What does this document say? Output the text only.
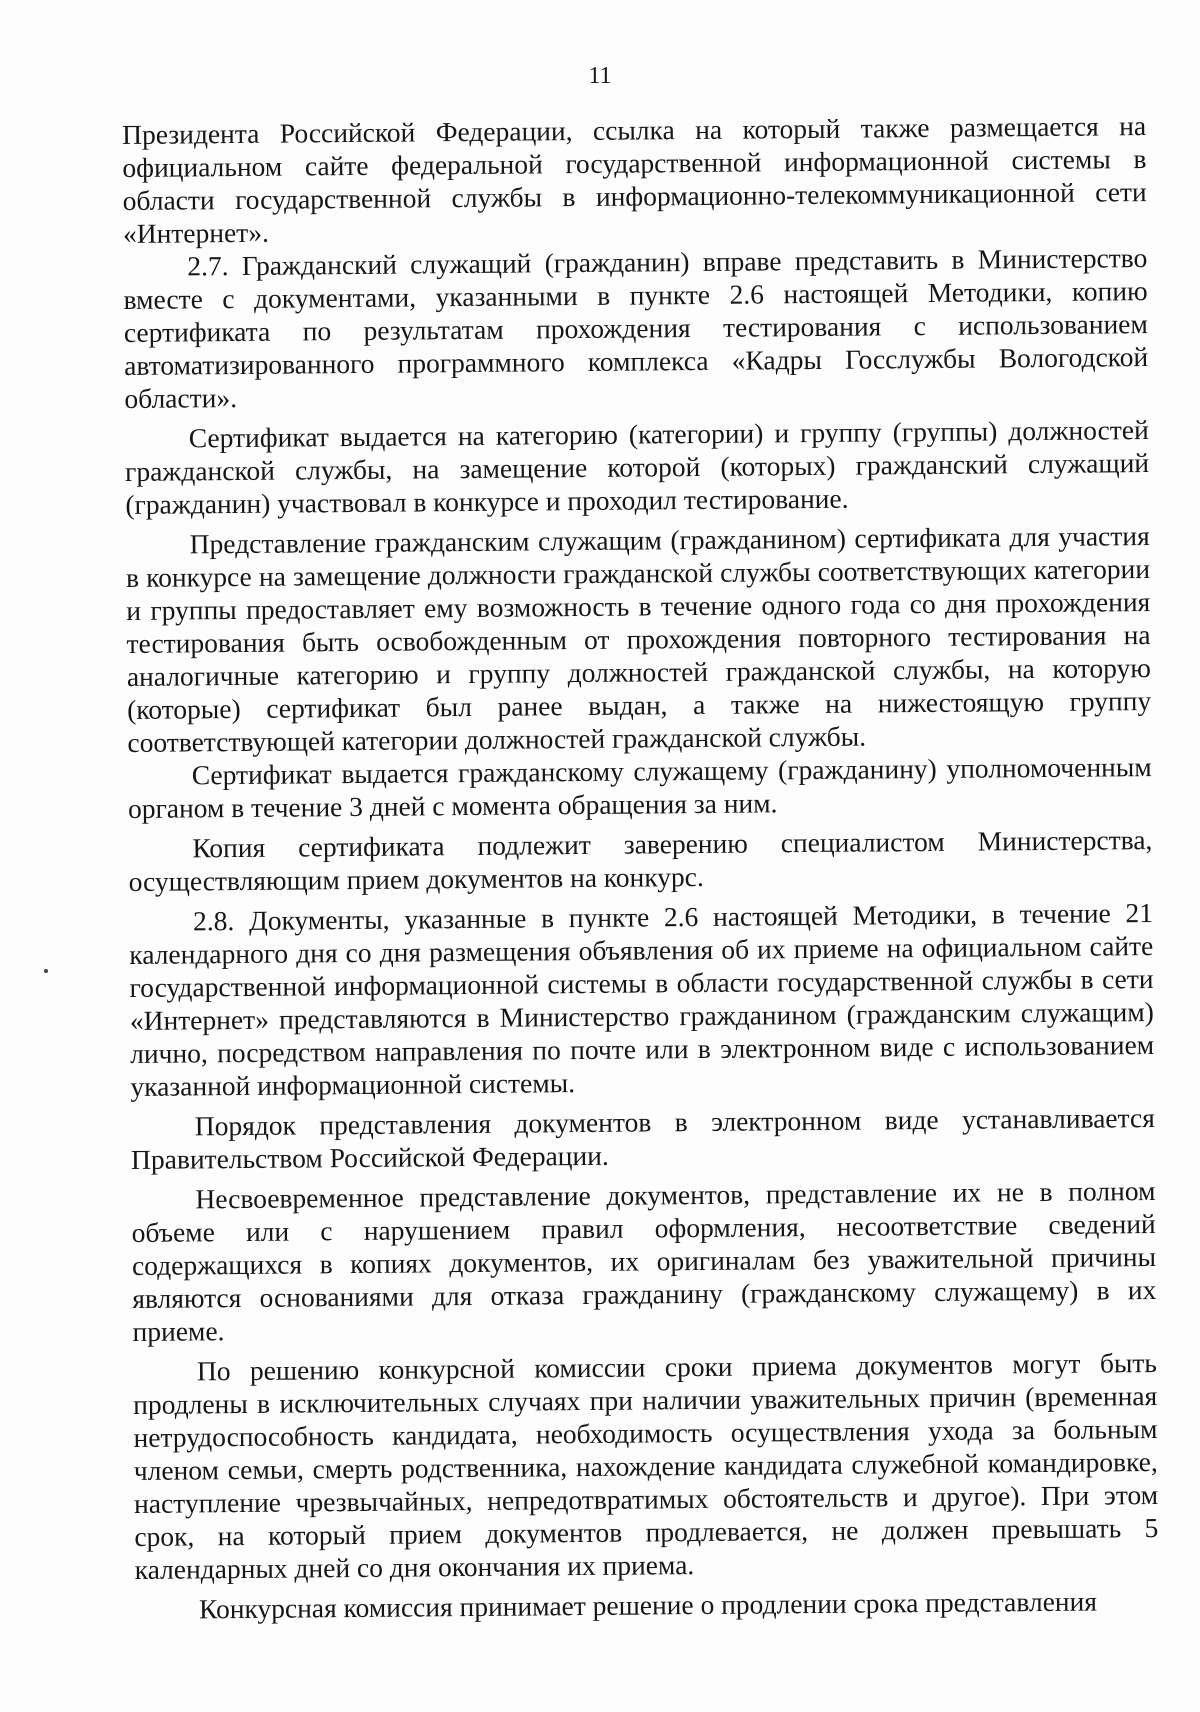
11

Президента Российской Федерации, ссылка на который также размещается на официальном сайте федеральной государственной информационной системы в области государственной службы в информационно-телекоммуникационной сети «Интернет».

2.7. Гражданский служащий (гражданин) вправе представить в Министерство вместе с документами, указанными в пункте 2.6 настоящей Методики, копию сертификата по результатам прохождения тестирования с использованием автоматизированного программного комплекса «Кадры Госслужбы Вологодской области».

Сертификат выдается на категорию (категории) и группу (группы) должностей гражданской службы, на замещение которой (которых) гражданский служащий (гражданин) участвовал в конкурсе и проходил тестирование.

Представление гражданским служащим (гражданином) сертификата для участия в конкурсе на замещение должности гражданской службы соответствующих категории и группы предоставляет ему возможность в течение одного года со дня прохождения тестирования быть освобожденным от прохождения повторного тестирования на аналогичные категорию и группу должностей гражданской службы, на которую (которые) сертификат был ранее выдан, а также на нижестоящую группу соответствующей категории должностей гражданской службы.

Сертификат выдается гражданскому служащему (гражданину) уполномоченным органом в течение 3 дней с момента обращения за ним.

Копия сертификата подлежит заверению специалистом Министерства, осуществляющим прием документов на конкурс.

2.8. Документы, указанные в пункте 2.6 настоящей Методики, в течение 21 календарного дня со дня размещения объявления об их приеме на официальном сайте государственной информационной системы в области государственной службы в сети «Интернет» представляются в Министерство гражданином (гражданским служащим) лично, посредством направления по почте или в электронном виде с использованием указанной информационной системы.

Порядок представления документов в электронном виде устанавливается Правительством Российской Федерации.

Несвоевременное представление документов, представление их не в полном объеме или с нарушением правил оформления, несоответствие сведений содержащихся в копиях документов, их оригиналам без уважительной причины являются основаниями для отказа гражданину (гражданскому служащему) в их приеме.

По решению конкурсной комиссии сроки приема документов могут быть продлены в исключительных случаях при наличии уважительных причин (временная нетрудоспособность кандидата, необходимость осуществления ухода за больным членом семьи, смерть родственника, нахождение кандидата служебной командировке, наступление чрезвычайных, непредотвратимых обстоятельств и другое). При этом срок, на который прием документов продлевается, не должен превышать 5 календарных дней со дня окончания их приема.

Конкурсная комиссия принимает решение о продлении срока представления
